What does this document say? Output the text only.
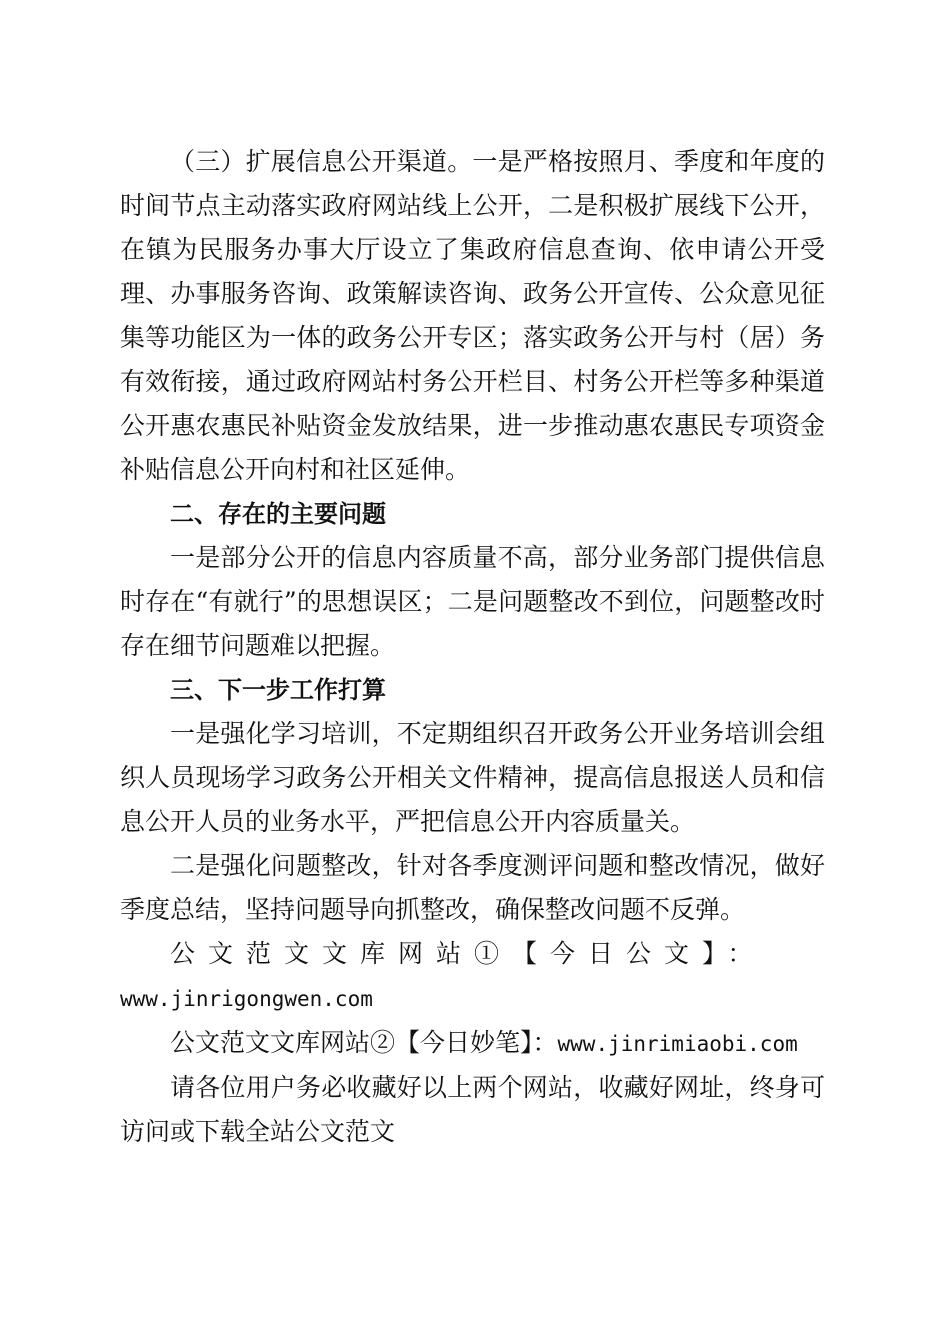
（三）扩展信息公开渠道。一是严格按照月、季度和年度的时间节点主动落实政府网站线上公开，二是积极扩展线下公开，在镇为民服务办事大厅设立了集政府信息查询、依申请公开受理、办事服务咨询、政策解读咨询、政务公开宣传、公众意见征集等功能区为一体的政务公开专区；落实政务公开与村（居）务有效衔接，通过政府网站村务公开栏目、村务公开栏等多种渠道公开惠农惠民补贴资金发放结果，进一步推动惠农惠民专项资金补贴信息公开向村和社区延伸。

二、存在的主要问题

一是部分公开的信息内容质量不高，部分业务部门提供信息时存在“有就行”的思想误区；二是问题整改不到位，问题整改时存在细节问题难以把握。

三、下一步工作打算

一是强化学习培训，不定期组织召开政务公开业务培训会组织人员现场学习政务公开相关文件精神，提高信息报送人员和信息公开人员的业务水平，严把信息公开内容质量关。

二是强化问题整改，针对各季度测评问题和整改情况，做好季度总结，坚持问题导向抓整改，确保整改问题不反弹。

公文范文文库网站①【今日公文】：
www.jinrigongwen.com

公文范文文库网站②【今日妙笔】：www.jinrimiaobi.com

请各位用户务必收藏好以上两个网站，收藏好网址，终身可访问或下载全站公文范文
